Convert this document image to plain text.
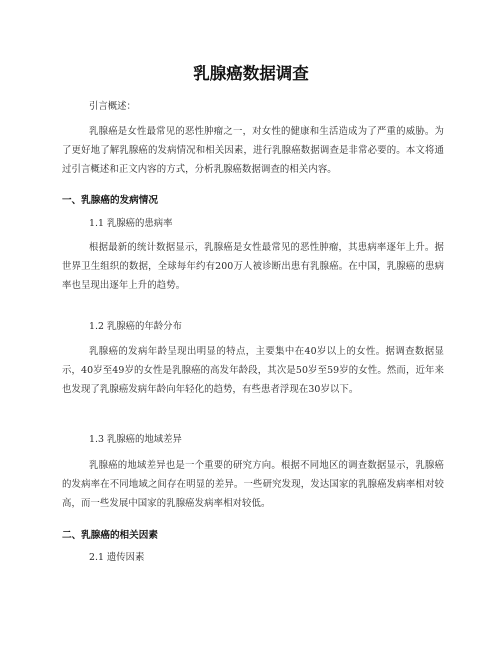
乳腺癌数据调查
引言概述：
乳腺癌是女性最常见的恶性肿瘤之一，对女性的健康和生活造成为了严重的威胁。为了更好地了解乳腺癌的发病情况和相关因素，进行乳腺癌数据调查是非常必要的。本文将通过引言概述和正文内容的方式，分析乳腺癌数据调查的相关内容。
一、乳腺癌的发病情况
1.1 乳腺癌的患病率
根据最新的统计数据显示，乳腺癌是女性最常见的恶性肿瘤，其患病率逐年上升。据世界卫生组织的数据，全球每年约有200万人被诊断出患有乳腺癌。在中国，乳腺癌的患病率也呈现出逐年上升的趋势。
1.2 乳腺癌的年龄分布
乳腺癌的发病年龄呈现出明显的特点，主要集中在40岁以上的女性。据调查数据显示，40岁至49岁的女性是乳腺癌的高发年龄段，其次是50岁至59岁的女性。然而，近年来也发现了乳腺癌发病年龄向年轻化的趋势，有些患者浮现在30岁以下。
1.3 乳腺癌的地域差异
乳腺癌的地域差异也是一个重要的研究方向。根据不同地区的调查数据显示，乳腺癌的发病率在不同地域之间存在明显的差异。一些研究发现，发达国家的乳腺癌发病率相对较高，而一些发展中国家的乳腺癌发病率相对较低。
二、乳腺癌的相关因素
2.1 遗传因素
